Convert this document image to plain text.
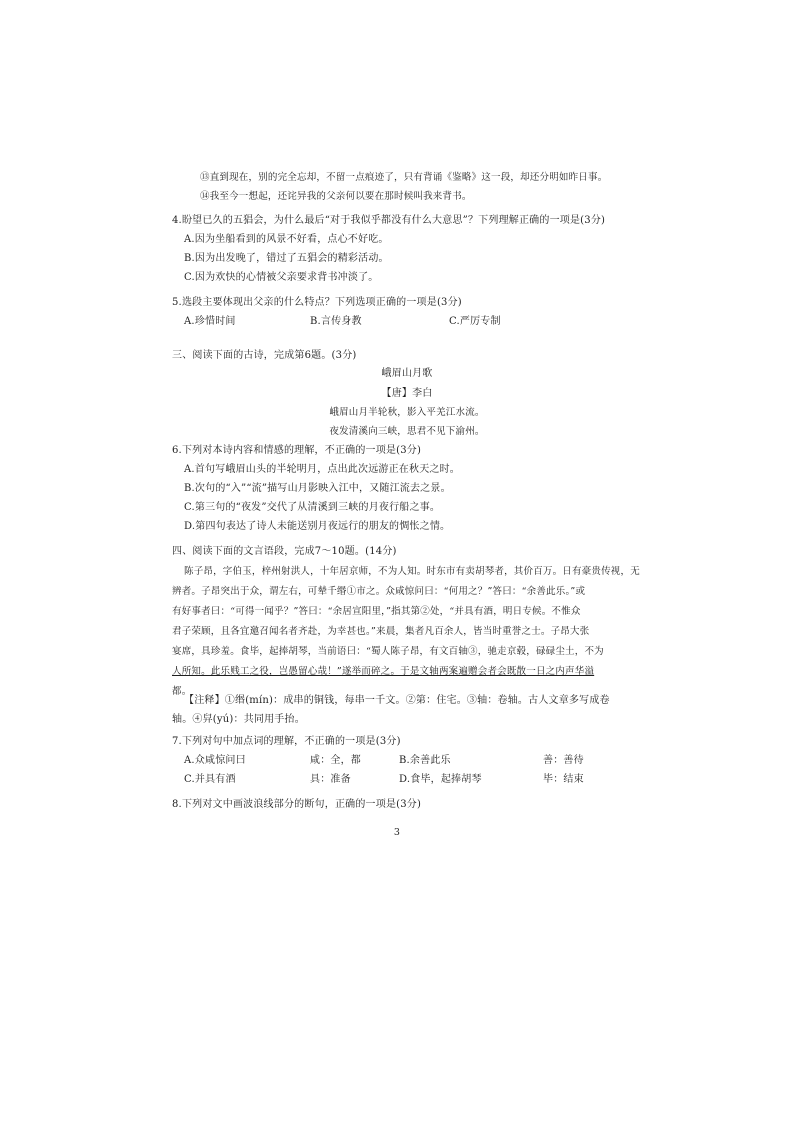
⑬直到现在，别的完全忘却，不留一点痕迹了，只有背诵《鉴略》这一段，却还分明如昨日事。
⑭我至今一想起，还诧异我的父亲何以要在那时候叫我来背书。
4.盼望已久的五猖会，为什么最后“对于我似乎都没有什么大意思”？下列理解正确的一项是(3分)
A.因为坐船看到的风景不好看，点心不好吃。
B.因为出发晚了，错过了五猖会的精彩活动。
C.因为欢快的心情被父亲要求背书冲淡了。
5.选段主要体现出父亲的什么特点？下列选项正确的一项是(3分)
A.珍惜时间	B.言传身教	C.严厉专制
三、阅读下面的古诗，完成第6题。(3分)
峨眉山月歌
【唐】李白
峨眉山月半轮秋，影入平羌江水流。
夜发清溪向三峡，思君不见下渝州。
6.下列对本诗内容和情感的理解，不正确的一项是(3分)
A.首句写峨眉山头的半轮明月，点出此次远游正在秋天之时。
B.次句的“入”“流”描写山月影映入江中，又随江流去之景。
C.第三句的“夜发”交代了从清溪到三峡的月夜行船之事。
D.第四句表达了诗人未能送别月夜远行的朋友的惆怅之情。
四、阅读下面的文言语段，完成7～10题。(14分)
陈子昂，字伯玉，梓州射洪人，十年居京师，不为人知。时东市有卖胡琴者，其价百万。日有豪贵传视，无
辨者。子昂突出于众，谓左右，可辇千缗①市之。众咸惊问曰：“何用之？”答曰：“余善此乐。”或
有好事者曰：“可得一闻乎？”答曰：“余居宣阳里，”指其第②处，“并具有酒，明日专候。不惟众
君子荣顾，且各宜邀召闻名者齐赴，为幸甚也。”来晨，集者凡百余人，皆当时重誉之士。子昂大张
宴席，具珍羞。食毕，起捧胡琴，当前语曰：“蜀人陈子昂，有文百轴③，驰走京毂，碌碌尘土，不为
人所知。此乐贱工之役，岂愚留心哉！”遂举而碎之。于是文轴两案遍赠会者会既散一日之内声华溢
都。
【注释】①缗(mín)：成串的铜钱，每串一千文。②第：住宅。③轴：卷轴。古人文章多写成卷
轴。④舁(yú)：共同用手抬。
7.下列对句中加点词的理解，不正确的一项是(3分)
A.众咸惊问曰	咸：全，都	B.余善此乐	善：善待
C.并具有酒	具：准备	D.食毕，起捧胡琴	毕：结束
8.下列对文中画波浪线部分的断句，正确的一项是(3分)
3
